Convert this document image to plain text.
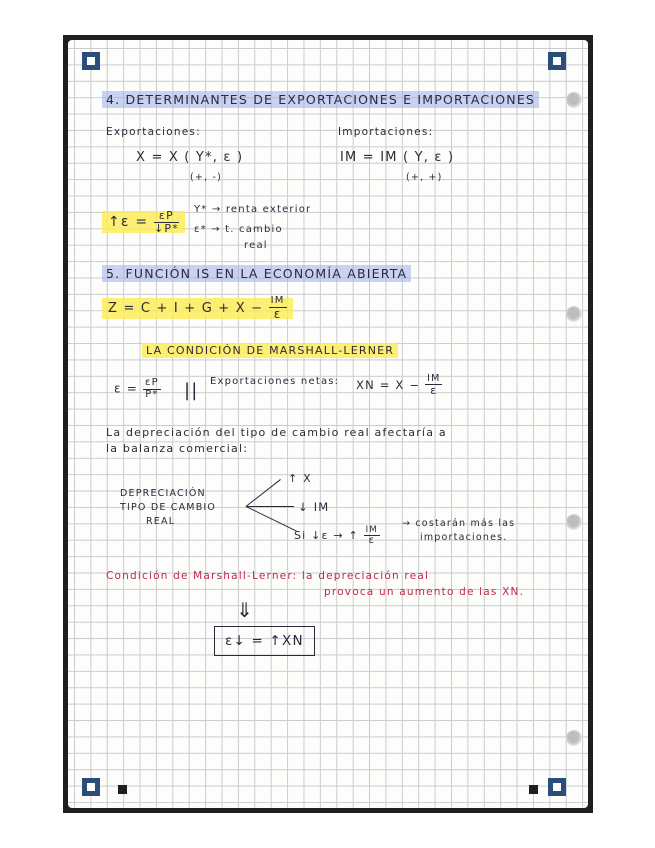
4. DETERMINANTES DE EXPORTACIONES E IMPORTACIONES
Exportaciones:
X = X ( Y*, ε )
(+, -)
Importaciones:
IM = IM ( Y, ε )
(+, +)
↑ε = $\frac{\varepsilon P}{↓P*}$
Y* → renta exterior
ε* → t. cambio
real
5. FUNCIÓN IS EN LA ECONOMÍA ABIERTA
$Z = C + I + G + X - \frac{IM}{\varepsilon}$
LA CONDICIÓN DE MARSHALL-LERNER
$\varepsilon = \frac{\varepsilon P}{P*}$ || Exportaciones netas: XN = $X - \frac{IM}{\varepsilon}$
La depreciación del tipo de cambio real afectaría a
la balanza comercial:
DEPRECIACIÓN
TIPO DE CAMBIO
REAL
↑ X
↓ IM
Si ↓ε → ↑ $\frac{IM}{\varepsilon}$
→ costarán más las
importaciones.
Condición de Marshall-Lerner: la depreciación real
provoca un aumento de las XN.
⇓
ε↓ = ↑XN
